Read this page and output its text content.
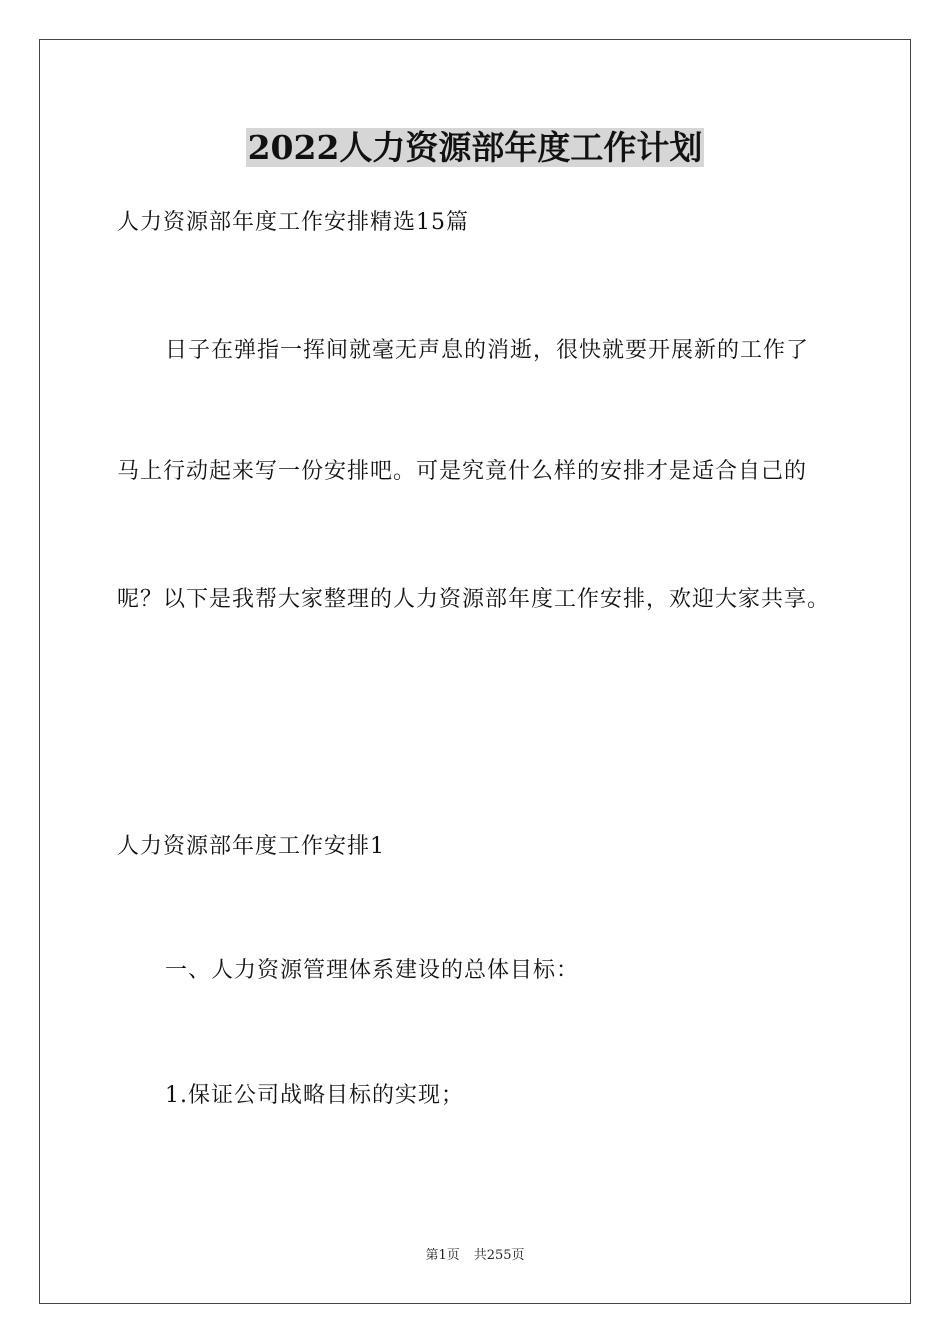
2022人力资源部年度工作计划
人力资源部年度工作安排精选15篇
日子在弹指一挥间就毫无声息的消逝，很快就要开展新的工作了
马上行动起来写一份安排吧。可是究竟什么样的安排才是适合自己的
呢？以下是我帮大家整理的人力资源部年度工作安排，欢迎大家共享。
人力资源部年度工作安排1
一、人力资源管理体系建设的总体目标：
1.保证公司战略目标的实现；
第1页 共255页
